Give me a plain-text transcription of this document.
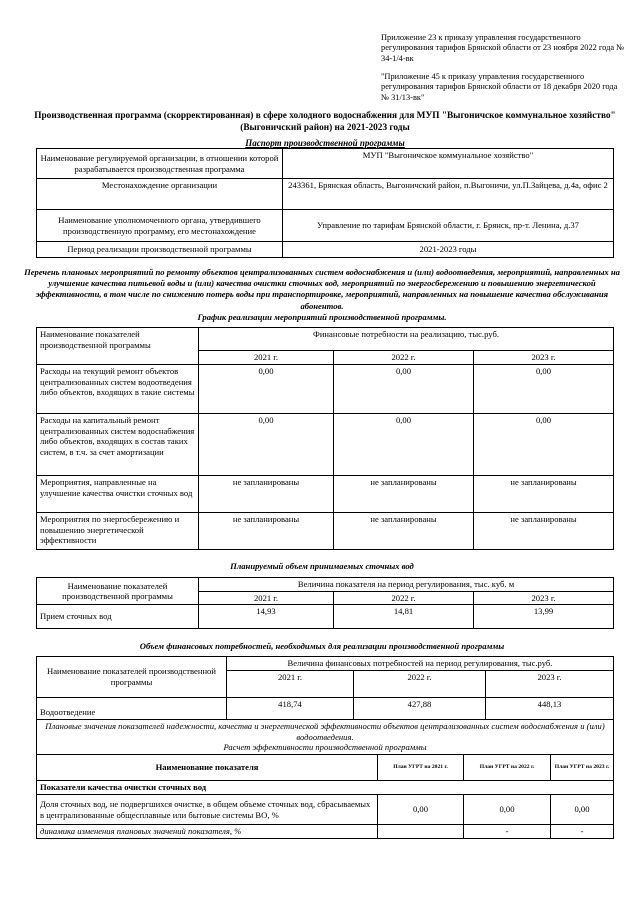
Приложение 23 к приказу управления государственного регулирования тарифов Брянской области от 23 ноября 2022 года № 34-1/4-вк
"Приложение 45 к приказу управления государственного регулирования тарифов Брянской области от 18 декабря 2020 года № 31/13-вк"
Производственная программа (скорректированная) в сфере холодного водоснабжения для МУП "Выгоничское коммунальное хозяйство" (Выгоничский район) на 2021-2023 годы
Паспорт производственной программы
Наименование регулируемой организации, в отношении которой разрабатывается производственная программа	МУП "Выгоничское коммунальное хозяйство"
Местонахождение организации	243361, Брянская область, Выгоничский район, п.Выгоничи, ул.П.Зайцева, д.4а, офис 2
Наименование уполномоченного органа, утвердившего производственную программу, его местонахождение	Управление по тарифам Брянской области, г. Брянск, пр-т. Ленина, д.37
Период реализации производственной программы	2021-2023 годы
Перечень плановых мероприятий по ремонту объектов централизованных систем водоснабжения и (или) водоотведения, мероприятий, направленных на улучшение качества питьевой воды и (или) качества очистки сточных вод, мероприятий по энергосбережению и повышению энергетической эффективности, в том числе по снижению потерь воды при транспортировке, мероприятий, направленных на повышение качества обслуживания абонентов.
График реализации мероприятий производственной программы.
Наименование показателей производственной программы	Финансовые потребности на реализацию, тыс.руб.		
	2021 г.	2022 г.	2023 г.
Расходы на текущий ремонт объектов централизованных систем водоотведения либо объектов, входящих в такие системы	0,00	0,00	0,00
Расходы на капитальный ремонт централизованных систем водоснабжения либо объектов, входящих в состав таких систем, в т.ч. за счет амортизации	0,00	0,00	0,00
Мероприятия, направленные на улучшение качества очистки сточных вод	не запланированы	не запланированы	не запланированы
Мероприятия по энергосбережению и повышению энергетической эффективности	не запланированы	не запланированы	не запланированы
Планируемый объем принимаемых сточных вод
Наименование показателей производственной программы	Величина показателя на период регулирования, тыс. куб. м		
	2021 г.	2022 г.	2023 г.
Прием сточных вод	14,93	14,81	13,99
Объем финансовых потребностей, необходимых для реализации производственной программы
Наименование показателей производственной программы	Величина финансовых потребностей на период регулирования, тыс.руб.		
	2021 г.	2022 г.	2023 г.
Водоотведение	418,74	427,88	448,13
Плановые значения показателей надежности, качества и энергетической эффективности объектов централизованных систем водоснабжения и (или) водоотведения.
Расчет эффективности производственной программы			
Наименование показателя	План УГРТ на 2021 г.	План УГРТ на 2022 г.	План УГРТ на 2023 г.
Показатели качества очистки сточных вод			
Доля сточных вод, не подвергшихся очистке, в общем объеме сточных вод, сбрасываемых в централизованные общесплавные или бытовые системы ВО, %	0,00	0,00	0,00
динамика изменения плановых значений показателя, %		-	-
